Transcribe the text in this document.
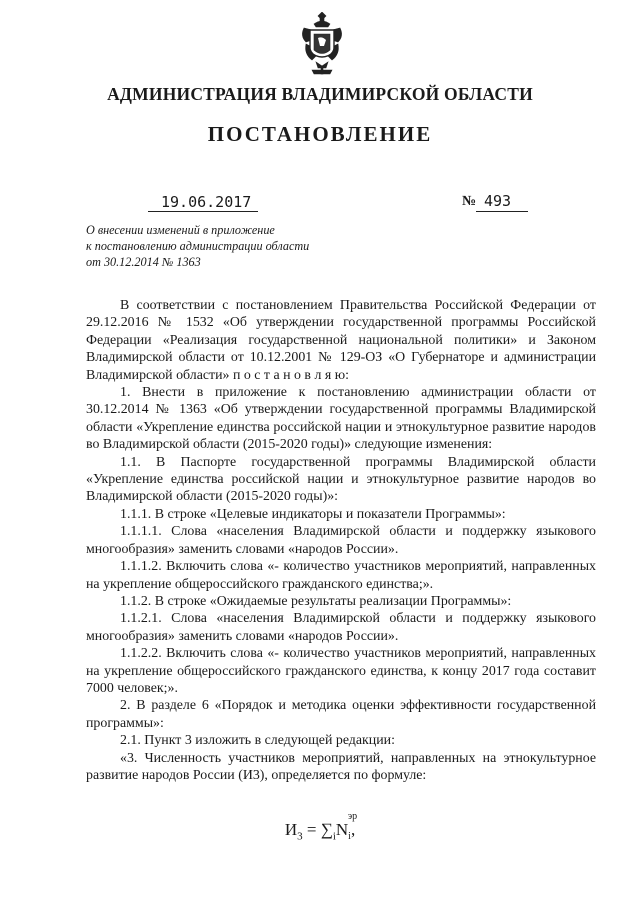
АДМИНИСТРАЦИЯ ВЛАДИМИРСКОЙ ОБЛАСТИ
ПОСТАНОВЛЕНИЕ
19.06.2017	№ 493
О внесении изменений в приложение
к постановлению администрации области
от 30.12.2014 № 1363

В соответствии с постановлением Правительства Российской Федерации от 29.12.2016 № 1532 «Об утверждении государственной программы Российской Федерации «Реализация государственной национальной политики» и Законом Владимирской области от 10.12.2001 № 129-ОЗ «О Губернаторе и администрации Владимирской области» п о с т а н о в л я ю:

1. Внести в приложение к постановлению администрации области от 30.12.2014 № 1363 «Об утверждении государственной программы Владимирской области «Укрепление единства российской нации и этнокультурное развитие народов во Владимирской области (2015-2020 годы)» следующие изменения:

1.1. В Паспорте государственной программы Владимирской области «Укрепление единства российской нации и этнокультурное развитие народов во Владимирской области (2015-2020 годы)»:

1.1.1. В строке «Целевые индикаторы и показатели Программы»:

1.1.1.1. Слова «населения Владимирской области и поддержку языкового многообразия» заменить словами «народов России».

1.1.1.2. Включить слова «- количество участников мероприятий, направленных на укрепление общероссийского гражданского единства;».

1.1.2. В строке «Ожидаемые результаты реализации Программы»:

1.1.2.1. Слова «населения Владимирской области и поддержку языкового многообразия» заменить словами «народов России».

1.1.2.2. Включить слова «- количество участников мероприятий, направленных на укрепление общероссийского гражданского единства, к концу 2017 года составит 7000 человек;».

2. В разделе 6 «Порядок и методика оценки эффективности государственной программы»:

2.1. Пункт 3 изложить в следующей редакции:

«3. Численность участников мероприятий, направленных на этнокультурное развитие народов России (И3), определяется по формуле:

$И_3 = \sum_iN$
эр
$_i$,
